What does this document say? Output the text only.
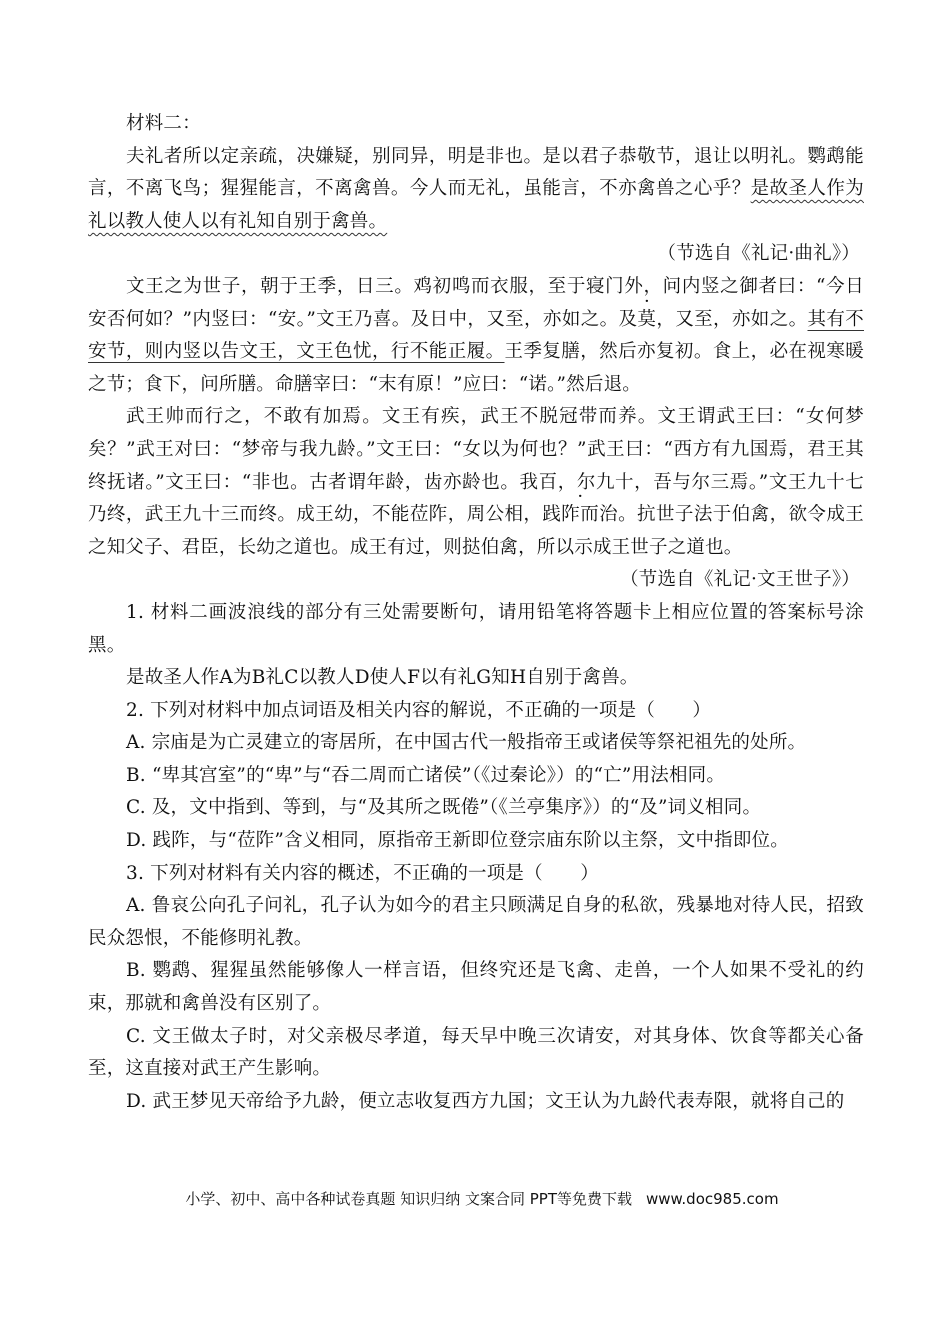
材料二：

夫礼者所以定亲疏，决嫌疑，别同异，明是非也。是以君子恭敬节，退让以明礼。鹦鹉能言，不离飞鸟；猩猩能言，不离禽兽。今人而无礼，虽能言，不亦禽兽之心乎？是故圣人作为礼以教人使人以有礼知自别于禽兽。

（节选自《礼记·曲礼》）

文王之为世子，朝于王季，日三。鸡初鸣而衣服，至于寝门外，问内竖之御者曰：“今日安否何如？”内竖曰：“安。”文王乃喜。及日中，又至，亦如之。及莫，又至，亦如之。其有不安节，则内竖以告文王，文王色忧，行不能正履。王季复膳，然后亦复初。食上，必在视寒暖之节；食下，问所膳。命膳宰曰：“末有原！”应曰：“诺。”然后退。

武王帅而行之，不敢有加焉。文王有疾，武王不脱冠带而养。文王谓武王曰：“女何梦矣？”武王对曰：“梦帝与我九龄。”文王曰：“女以为何也？”武王曰：“西方有九国焉，君王其终抚诸。”文王曰：“非也。古者谓年龄，齿亦龄也。我百，尔九十，吾与尔三焉。”文王九十七乃终，武王九十三而终。成王幼，不能莅阼，周公相，践阼而治。抗世子法于伯禽，欲令成王之知父子、君臣，长幼之道也。成王有过，则挞伯禽，所以示成王世子之道也。

（节选自《礼记·文王世子》）

1. 材料二画波浪线的部分有三处需要断句，请用铅笔将答题卡上相应位置的答案标号涂黑。

是故圣人作A为B礼C以教人D使人F以有礼G知H自别于禽兽。

2. 下列对材料中加点词语及相关内容的解说，不正确的一项是（　　）

A. 宗庙是为亡灵建立的寄居所，在中国古代一般指帝王或诸侯等祭祀祖先的处所。

B. “卑其宫室”的“卑”与“吞二周而亡诸侯”（《过秦论》）的“亡”用法相同。

C. 及，文中指到、等到，与“及其所之既倦”（《兰亭集序》）的“及”词义相同。

D. 践阼，与“莅阼”含义相同，原指帝王新即位登宗庙东阶以主祭，文中指即位。

3. 下列对材料有关内容的概述，不正确的一项是（　　）

A. 鲁哀公向孔子问礼，孔子认为如今的君主只顾满足自身的私欲，残暴地对待人民，招致民众怨恨，不能修明礼教。

B. 鹦鹉、猩猩虽然能够像人一样言语，但终究还是飞禽、走兽，一个人如果不受礼的约束，那就和禽兽没有区别了。

C. 文王做太子时，对父亲极尽孝道，每天早中晚三次请安，对其身体、饮食等都关心备至，这直接对武王产生影响。

D. 武王梦见天帝给予九龄，便立志收复西方九国；文王认为九龄代表寿限，就将自己的

小学、初中、高中各种试卷真题 知识归纳 文案合同 PPT等免费下载 www.doc985.com
